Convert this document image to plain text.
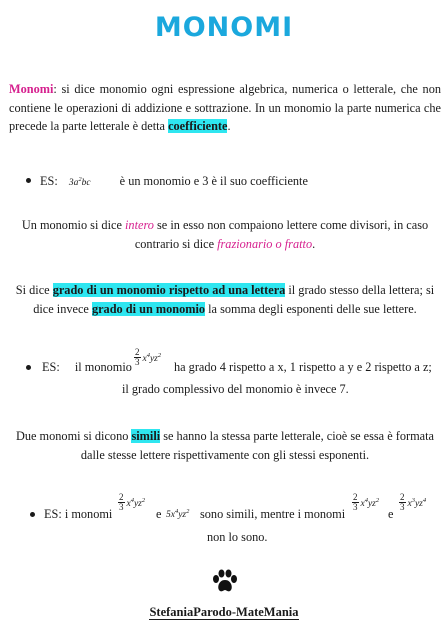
MONOMI
Monomi: si dice monomio ogni espressione algebrica, numerica o letterale, che non contiene le operazioni di addizione e sottrazione. In un monomio la parte numerica che precede la parte letterale è detta coefficiente.
ES: $3a^2bc$ è un monomio e 3 è il suo coefficiente
Un monomio si dice intero se in esso non compaiono lettere come divisori, in caso contrario si dice frazionario o fratto.
Si dice grado di un monomio rispetto ad una lettera il grado stesso della lettera; si dice invece grado di un monomio la somma degli esponenti delle sue lettere.
ES: il monomio $\frac{2}{3} x^4yz^2$
ha grado 4 rispetto a x, 1 rispetto a y e 2 rispetto a z;
il grado complessivo del monomio è invece 7.
Due monomi si dicono simili se hanno la stessa parte letterale, cioè se essa è formata dalle stesse lettere rispettivamente con gli stessi esponenti.
ES: i monomi
$\frac{2}{3} x^4yz^2$
e $5x^4yz^2$ sono simili, mentre i monomi
$\frac{2}{3} x^4yz^2$
e
$\frac{2}{3} x^3yz^4$
non lo sono.
StefaniaParodo-MateMania
